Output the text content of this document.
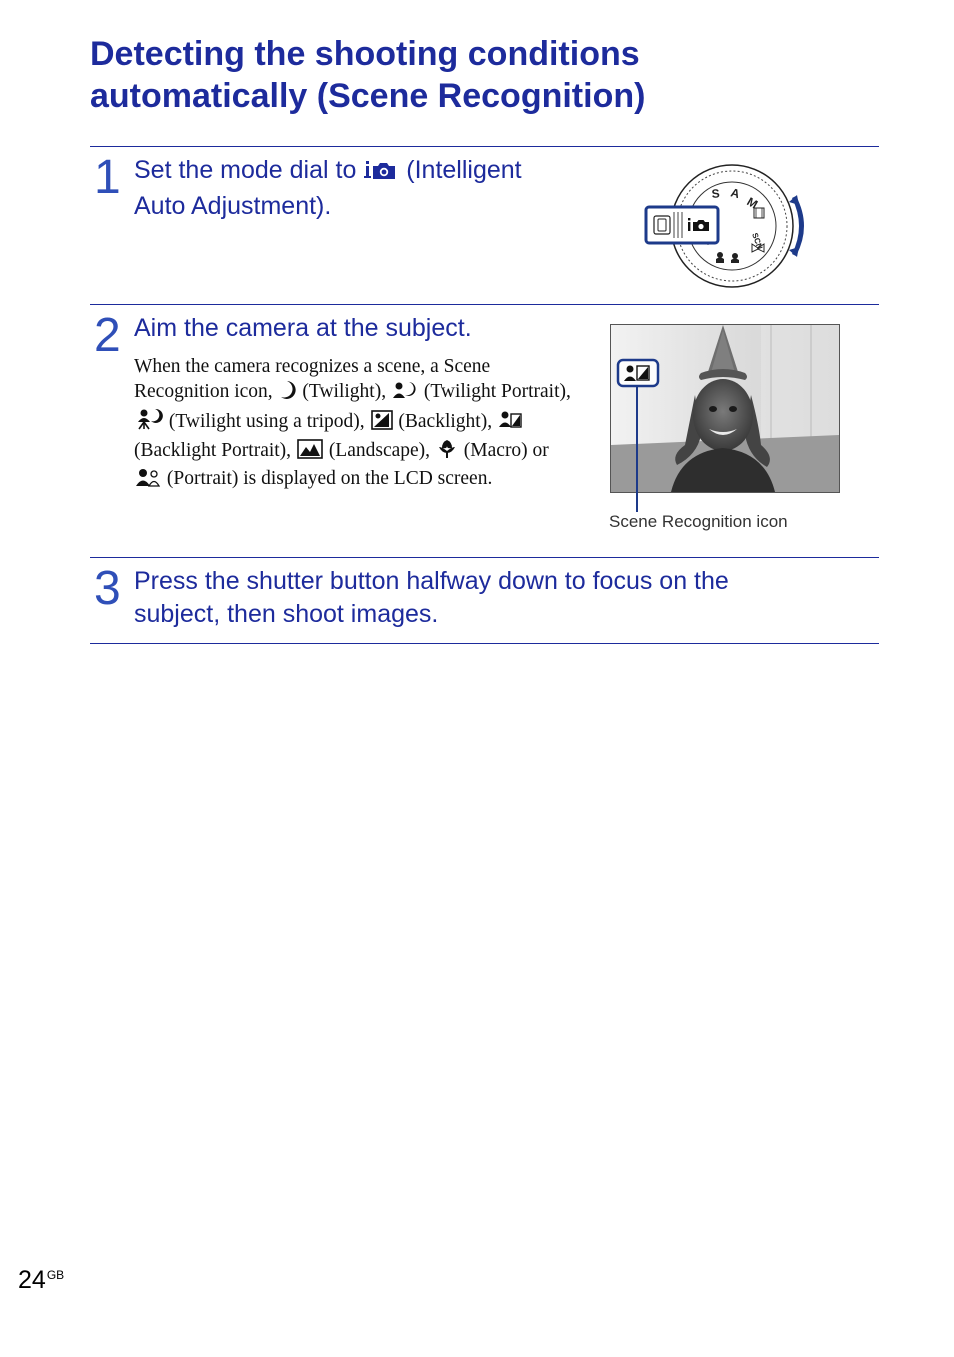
Detecting the shooting conditions
automatically (Scene Recognition)
1 Set the mode dial to (Intelligent
Auto Adjustment).	M
A
S
SCN
2 Aim the camera at the subject.
When the camera recognizes a scene, a Scene Recognition icon, (Twilight), (Twilight Portrait),  (Twilight using a tripod), (Backlight),  (Backlight Portrait), (Landscape), (Macro) or  (Portrait) is displayed on the LCD screen.
Scene Recognition icon
3 Press the shutter button halfway down to focus on the
subject, then shoot images.
$24^{GB}$
